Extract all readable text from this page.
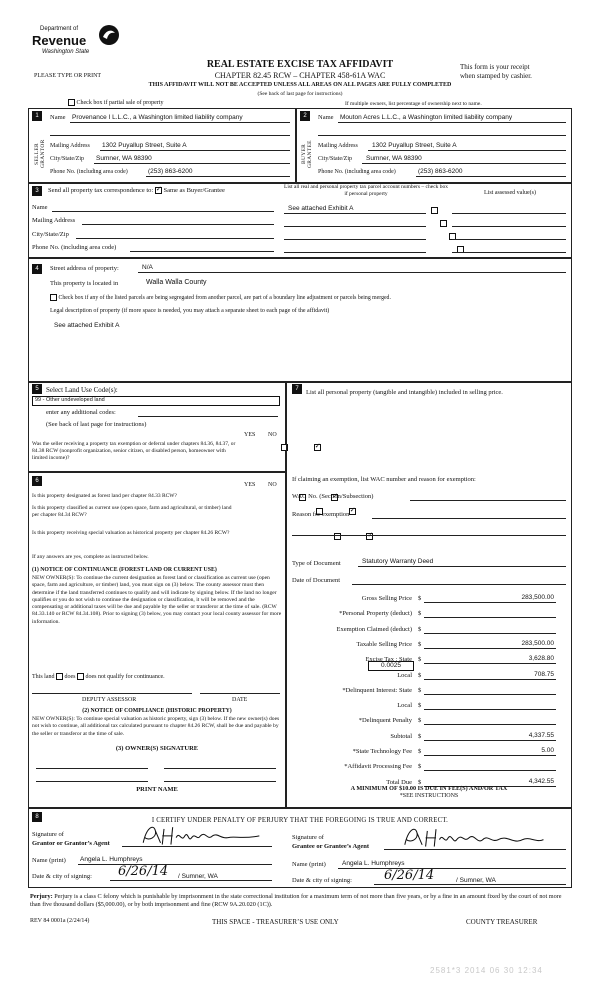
Department of
Revenue
Washington State
PLEASE TYPE OR PRINT
REAL ESTATE EXCISE TAX AFFIDAVIT
CHAPTER 82.45 RCW – CHAPTER 458-61A WAC
THIS AFFIDAVIT WILL NOT BE ACCEPTED UNLESS ALL AREAS ON ALL PAGES ARE FULLY COMPLETED
(See back of last page for instructions)
This form is your receipt
when stamped by cashier.
Check box if partial sale of property	If multiple owners, list percentage of ownership next to name.
1	2
SELLER GRANTOR	BUYER GRANTEE
Name Provenance I L.L.C., a Washington limited liability company
Mailing Address 1302 Puyallup Street, Suite A
City/State/Zip Sumner, WA 98390
Phone No. (including area code)	(253) 863-6200
Name Mouton Acres L.L.C., a Washington limited liability company
Mailing Address 1302 Puyallup Street, Suite A
City/State/Zip Sumner, WA 98390
Phone No. (including area code)	(253) 863-6200
3	Send all property tax correspondence to: ✓ Same as Buyer/Grantee
Name
Mailing Address
City/State/Zip
Phone No. (including area code)
List all real and personal property tax parcel account numbers – check box if personal property	List assessed value(s)
See attached Exhibit A

4	Street address of property:	N/A
This property is located in	Walla Walla County
Check box if any of the listed parcels are being segregated from another parcel, are part of a boundary line adjustment or parcels being merged.
Legal description of property (if more space is needed, you may attach a separate sheet to each page of the affidavit)
See attached Exhibit A
5	Select Land Use Code(s):
99 - Other undeveloped land
enter any additional codes:
(See back of last page for instructions)
YES NO
Was the seller receiving a property tax exemption or deferral under chapters 84.36, 84.37, or 84.38 RCW (nonprofit organization, senior citizen, or disabled person, homeowner with limited income)?
✓
6
YES NO
Is this property designated as forest land per chapter 84.33 RCW?
✓
Is this property classified as current use (open space, farm and agricultural, or timber) land per chapter 84.34 RCW?
✓
Is this property receiving special valuation as historical property per chapter 84.26 RCW?
✓
If any answers are yes, complete as instructed below.
(1) NOTICE OF CONTINUANCE (FOREST LAND OR CURRENT USE)
NEW OWNER(S): To continue the current designation as forest land or classification as current use (open space, farm and agriculture, or timber) land, you must sign on (3) below. The county assessor must then determine if the land transferred continues to qualify and will indicate by signing below. If the land no longer qualifies or you do not wish to continue the designation or classification, it will be removed and the compensating or additional taxes will be due and payable by the seller or transferor at the time of sale. (RCW 84.33.140 or RCW 84.34.108). Prior to signing (3) below, you may contact your local county assessor for more information.
This land does does not qualify for continuance.
DEPUTY ASSESSOR	DATE
(2) NOTICE OF COMPLIANCE (HISTORIC PROPERTY)
NEW OWNER(S): To continue special valuation as historic property, sign (3) below. If the new owner(s) does not wish to continue, all additional tax calculated pursuant to chapter 84.26 RCW, shall be due and payable by the seller or transferor at the time of sale.
(3) OWNER(S) SIGNATURE
PRINT NAME
7	List all personal property (tangible and intangible) included in selling price.
If claiming an exemption, list WAC number and reason for exemption:
WAC No. (Section/Subsection)
Reason for exemption
Type of Document	Statutory Warranty Deed
Date of Document
Gross Selling Price $	283,500.00
*Personal Property (deduct) $
Exemption Claimed (deduct) $
Taxable Selling Price $	283,500.00
Excise Tax : State $	3,628.80
Local $	708.75
*Delinquent Interest: State $
Local $
*Delinquent Penalty $
Subtotal $	4,337.55
*State Technology Fee $	5.00
*Affidavit Processing Fee $
Total Due $	4,342.55
0.0025
A MINIMUM OF $10.00 IS DUE IN FEE(S) AND/OR TAX
*SEE INSTRUCTIONS
8	I CERTIFY UNDER PENALTY OF PERJURY THAT THE FOREGOING IS TRUE AND CORRECT.
Signature of
Grantor or Grantor’s Agent
Name (print) Angela L. Humphreys
Date & city of signing: 6/26/14 / Sumner, WA
Signature of
Grantee or Grantee’s Agent
Name (print) Angela L. Humphreys
Date & city of signing: 6/26/14	/ Sumner, WA
Perjury: Perjury is a class C felony which is punishable by imprisonment in the state correctional institution for a maximum term of not more than five years, or by a fine in an amount fixed by the court of not more than five thousand dollars ($5,000.00), or by both imprisonment and fine (RCW 9A.20.020 (1C)).
REV 84 0001a (2/24/14)	THIS SPACE - TREASURER’S USE ONLY	COUNTY TREASURER
2581*3 2014 06 30 12:34
